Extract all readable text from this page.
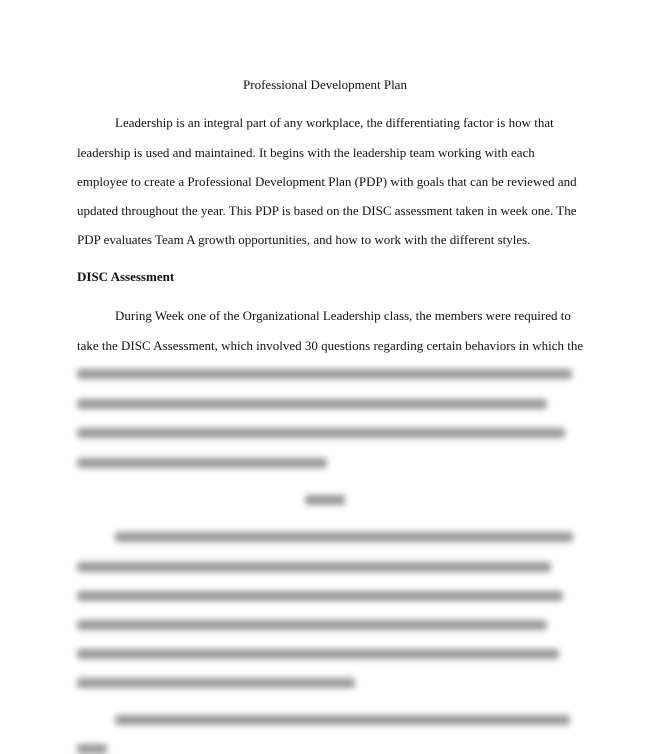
Professional Development Plan
Leadership is an integral part of any workplace, the differentiating factor is how that
leadership is used and maintained. It begins with the leadership team working with each
employee to create a Professional Development Plan (PDP) with goals that can be reviewed and
updated throughout the year. This PDP is based on the DISC assessment taken in week one. The
PDP evaluates Team A growth opportunities, and how to work with the different styles.
DISC Assessment
During Week one of the Organizational Leadership class, the members were required to
take the DISC Assessment, which involved 30 questions regarding certain behaviors in which the
